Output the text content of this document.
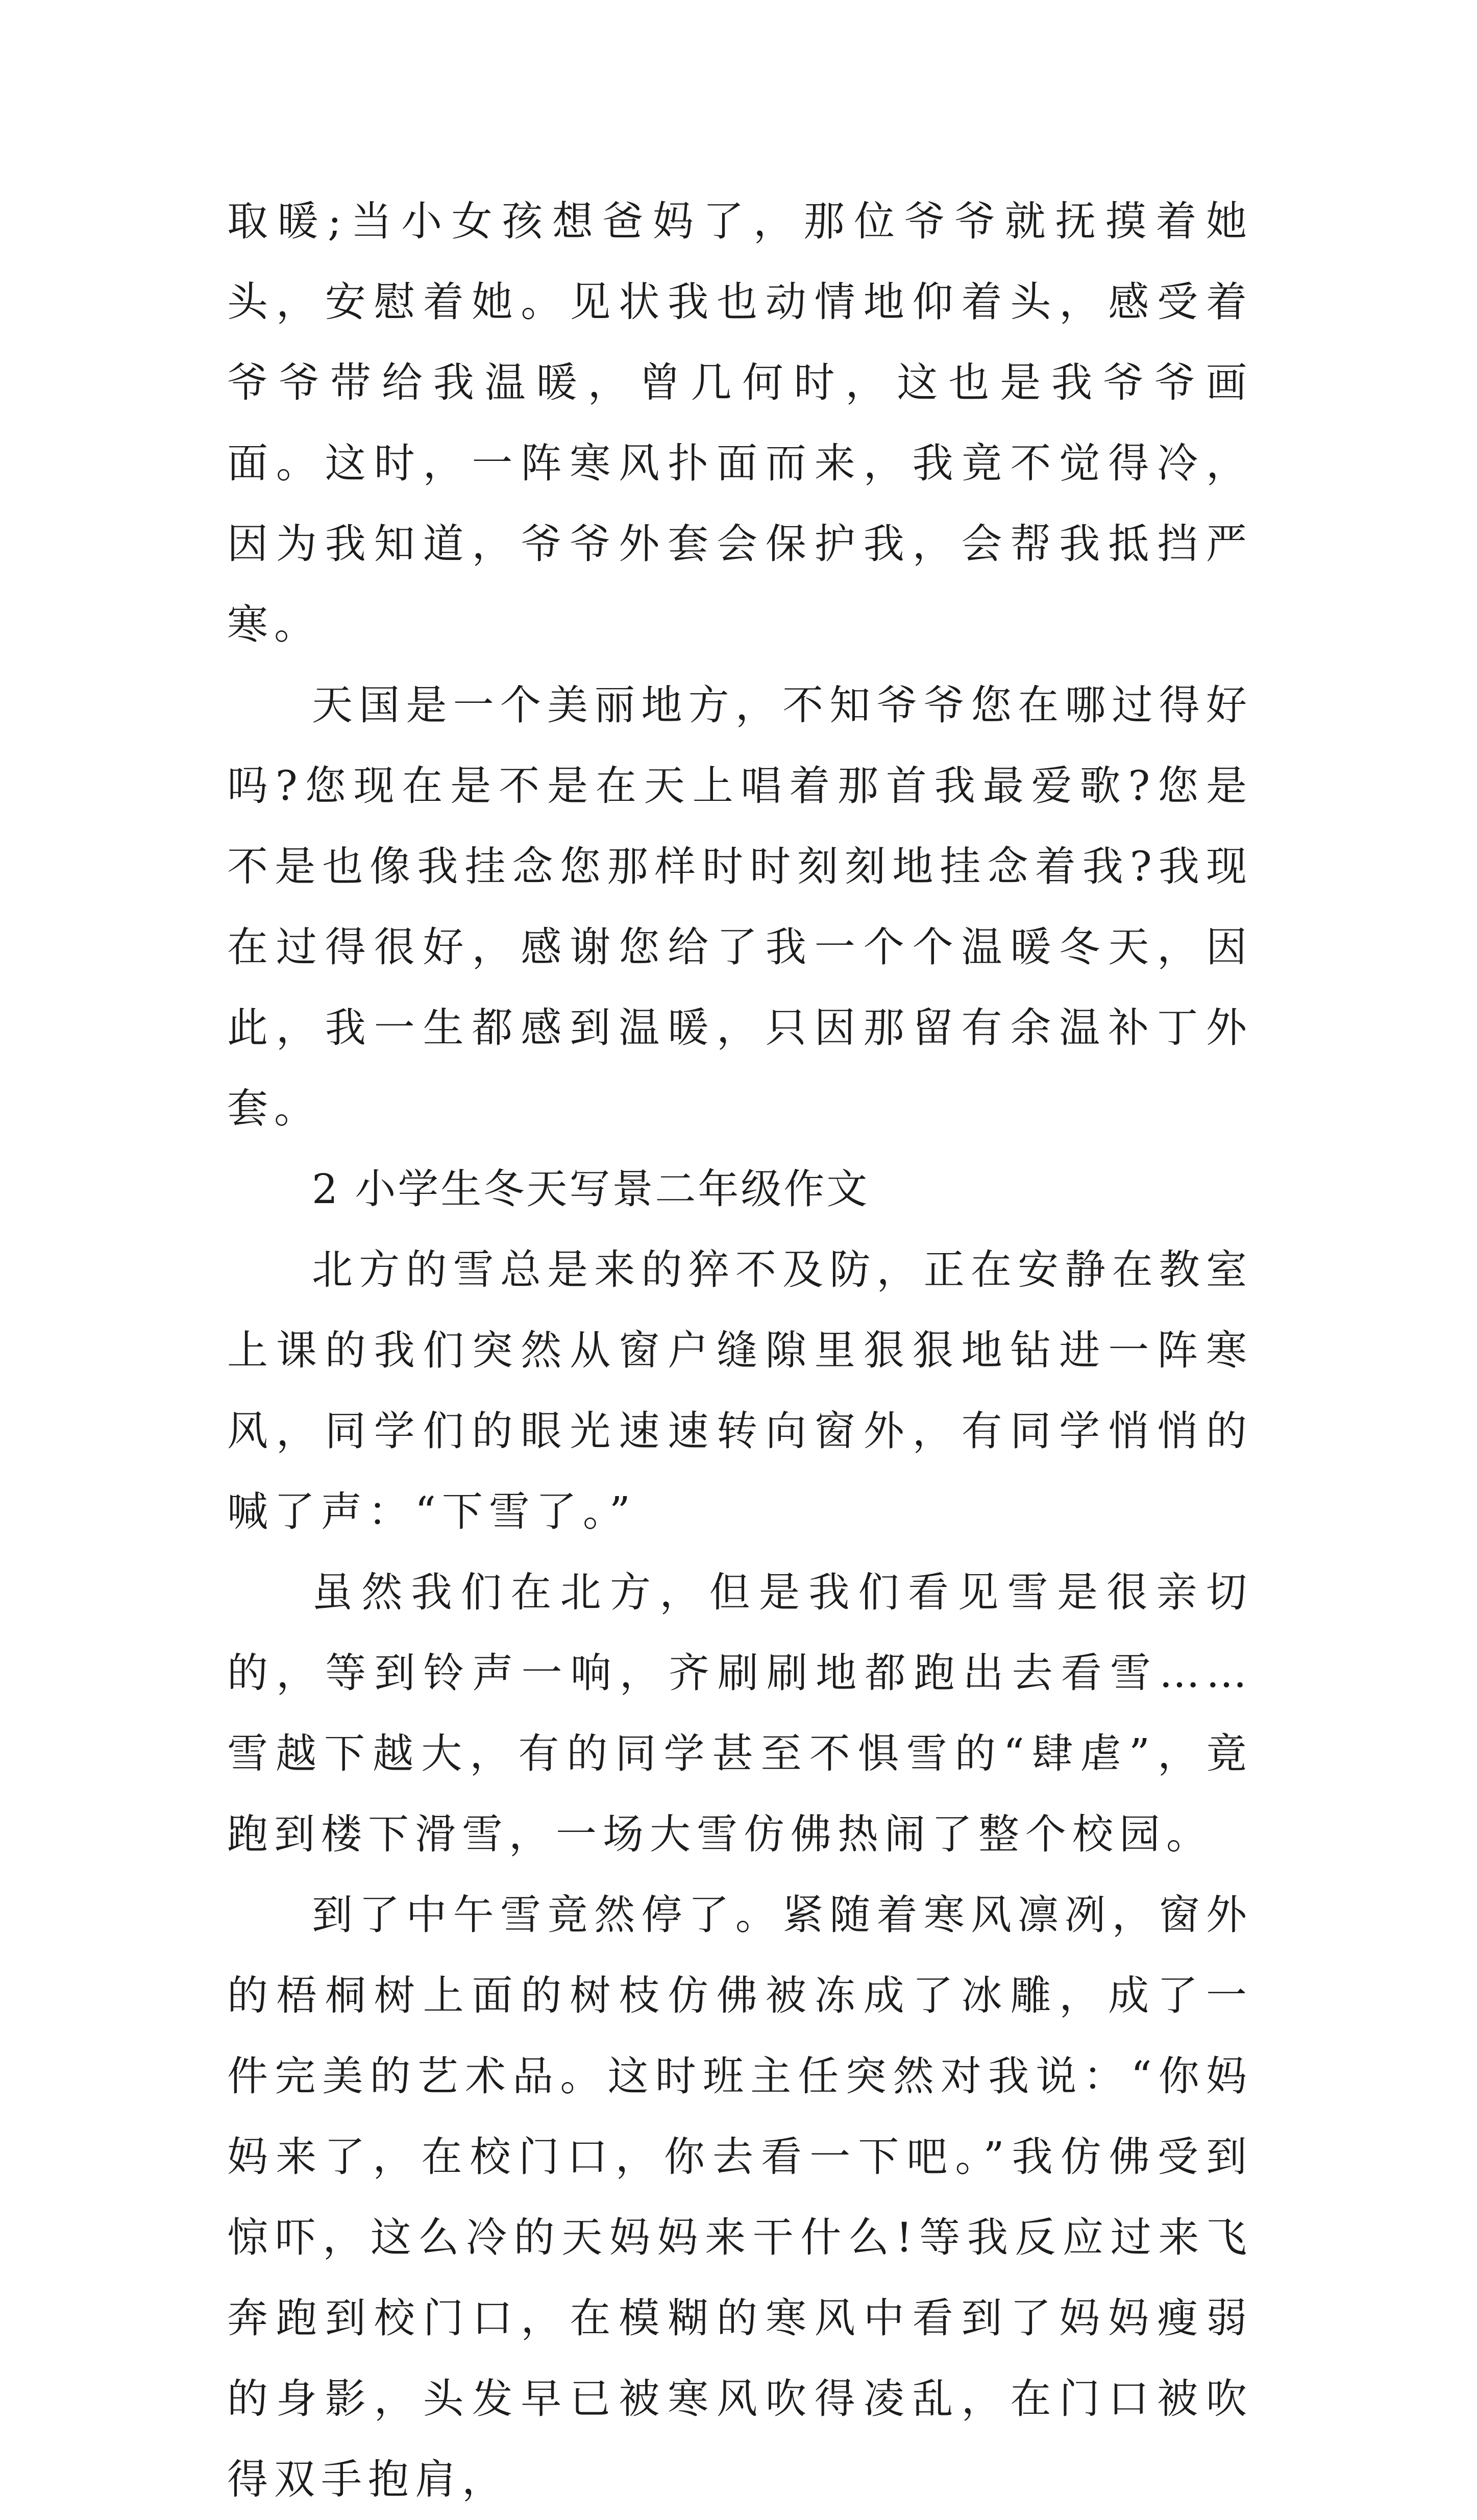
取暖;当小女孩想爸妈了，那位爷爷就抚摸着她头，安慰着她。见状我也动情地仰着头，感受着爷爷带给我温暖，曾几何时，这也是我爷爷画面。这时，一阵寒风扑面而来，我竟不觉得冷，因为我知道，爷爷外套会保护我，会帮我抵挡严寒。

天国是一个美丽地方，不知爷爷您在哪过得好吗?您现在是不是在天上唱着那首我最爱歌?您是不是也像我挂念您那样时时刻刻地挂念着我?我现在过得很好，感谢您给了我一个个温暖冬天，因此，我一生都感到温暖，只因那留有余温补丁外套。

2 小学生冬天写景二年级作文

北方的雪总是来的猝不及防，正在安静在教室上课的我们突然从窗户缝隙里狠狠地钻进一阵寒风，同学们的眼光速速转向窗外，有同学悄悄的喊了声：“下雪了。”

虽然我们在北方，但是我们看见雪是很亲切的，等到铃声一响，齐刷刷地都跑出去看雪……雪越下越大，有的同学甚至不惧雪的“肆虐”，竟跑到楼下滑雪，一场大雪仿佛热闹了整个校园。

到了中午雪竟然停了。紧随着寒风凛冽，窗外的梧桐树上面的树枝仿佛被冻成了冰雕，成了一件完美的艺术品。这时班主任突然对我说：“你妈妈来了，在校门口，你去看一下吧。”我仿佛受到惊吓，这么冷的天妈妈来干什么!等我反应过来飞奔跑到校门口，在模糊的寒风中看到了妈妈瘦弱的身影，头发早已被寒风吹得凌乱，在门口被吹得双手抱肩，
